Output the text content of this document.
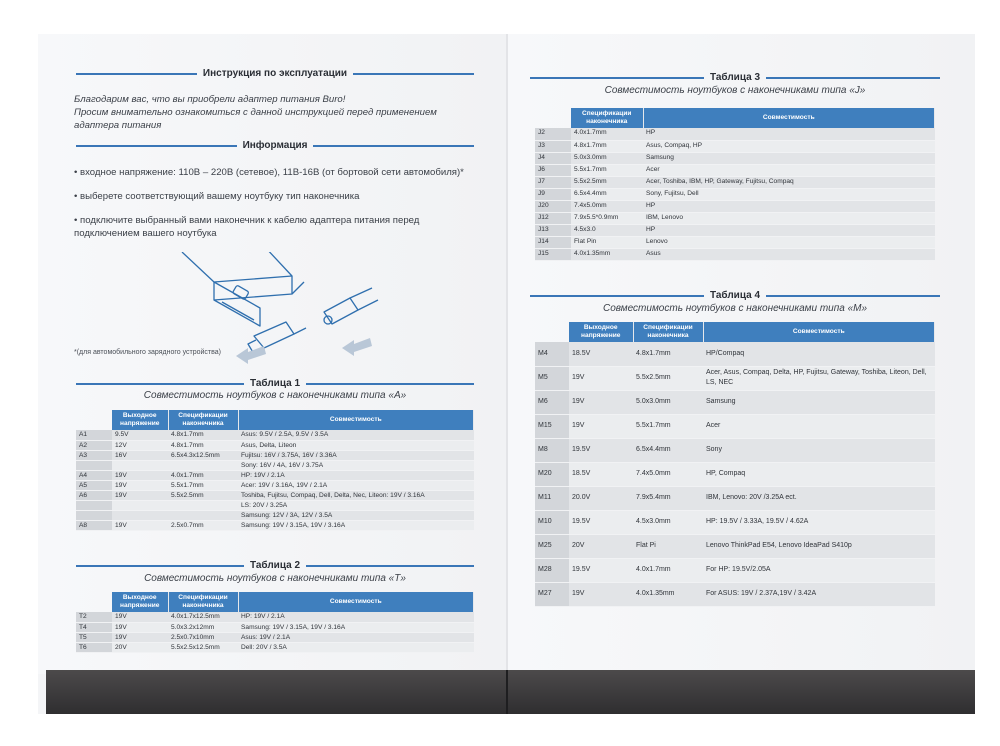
Инструкция по эксплуатации
Благодарим вас, что вы приобрели адаптер питания Buro!
Просим внимательно ознакомиться с данной инструкцией перед применением адаптера питания
Информация
• входное напряжение: 110В – 220В (сетевое), 11В-16В (от бортовой сети автомобиля)*
• выберете соответствующий вашему ноутбуку тип наконечника
• подключите выбранный вами наконечник к кабелю адаптера питания перед подключением вашего ноутбука
*(для автомобильного зарядного устройства)
Таблица 1
Совместимость ноутбуков с наконечниками типа «A»
	Выходное напряжение	Спецификации наконечника	Совместимость
A1	9.5V	4.8x1.7mm	Asus: 9.5V / 2.5A, 9.5V / 3.5A
A2	12V	4.8x1.7mm	Asus, Delta, Liteon
A3	16V	6.5x4.3x12.5mm	Fujitsu: 16V / 3.75A, 16V / 3.36A
			Sony: 16V / 4A, 16V / 3.75A
A4	19V	4.0x1.7mm	HP: 19V / 2.1A
A5	19V	5.5x1.7mm	Acer: 19V / 3.16A, 19V / 2.1A
A6	19V	5.5x2.5mm	Toshiba, Fujitsu, Compaq, Dell, Delta, Nec, Liteon: 19V / 3.16A
			LS: 20V / 3.25A
			Samsung: 12V / 3A, 12V / 3.5A
A8	19V	2.5x0.7mm	Samsung: 19V / 3.15A, 19V / 3.16A
Таблица 2
Совместимость ноутбуков с наконечниками типа «T»
	Выходное напряжение	Спецификации наконечника	Совместимость
T2	19V	4.0x1.7x12.5mm	HP: 19V / 2.1A
T4	19V	5.0x3.2x12mm	Samsung: 19V / 3.15A, 19V / 3.16A
T5	19V	2.5x0.7x10mm	Asus: 19V / 2.1A
T6	20V	5.5x2.5x12.5mm	Dell: 20V / 3.5A
Таблица 3
Совместимость ноутбуков с наконечниками типа «J»
	Спецификации наконечника	Совместимость
J2	4.0x1.7mm	HP
J3	4.8x1.7mm	Asus, Compaq, HP
J4	5.0x3.0mm	Samsung
J6	5.5x1.7mm	Acer
J7	5.5x2.5mm	Acer, Toshiba, IBM, HP, Gateway, Fujitsu, Compaq
J9	6.5x4.4mm	Sony, Fujitsu, Dell
J20	7.4x5.0mm	HP
J12	7.9x5.5*0.9mm	IBM, Lenovo
J13	4.5x3.0	HP
J14	Flat Pin	Lenovo
J15	4.0x1.35mm	Asus
Таблица 4
Совместимость ноутбуков с наконечниками типа «M»
	Выходное напряжение	Спецификации наконечника	Совместимость
M4	18.5V	4.8x1.7mm	HP/Compaq
M5	19V	5.5x2.5mm	Acer, Asus, Compaq, Delta, HP, Fujitsu, Gateway, Toshiba, Liteon, Dell, LS, NEC
M6	19V	5.0x3.0mm	Samsung
M15	19V	5.5x1.7mm	Acer
M8	19.5V	6.5x4.4mm	Sony
M20	18.5V	7.4x5.0mm	HP, Compaq
M11	20.0V	7.9x5.4mm	IBM, Lenovo: 20V /3.25A ect.
M10	19.5V	4.5x3.0mm	HP: 19.5V / 3.33A, 19.5V / 4.62A
M25	20V	Flat Pi	Lenovo ThinkPad E54, Lenovo IdeaPad S410p
M28	19.5V	4.0x1.7mm	For HP: 19.5V/2.05A
M27	19V	4.0x1.35mm	For ASUS: 19V / 2.37A,19V / 3.42A
